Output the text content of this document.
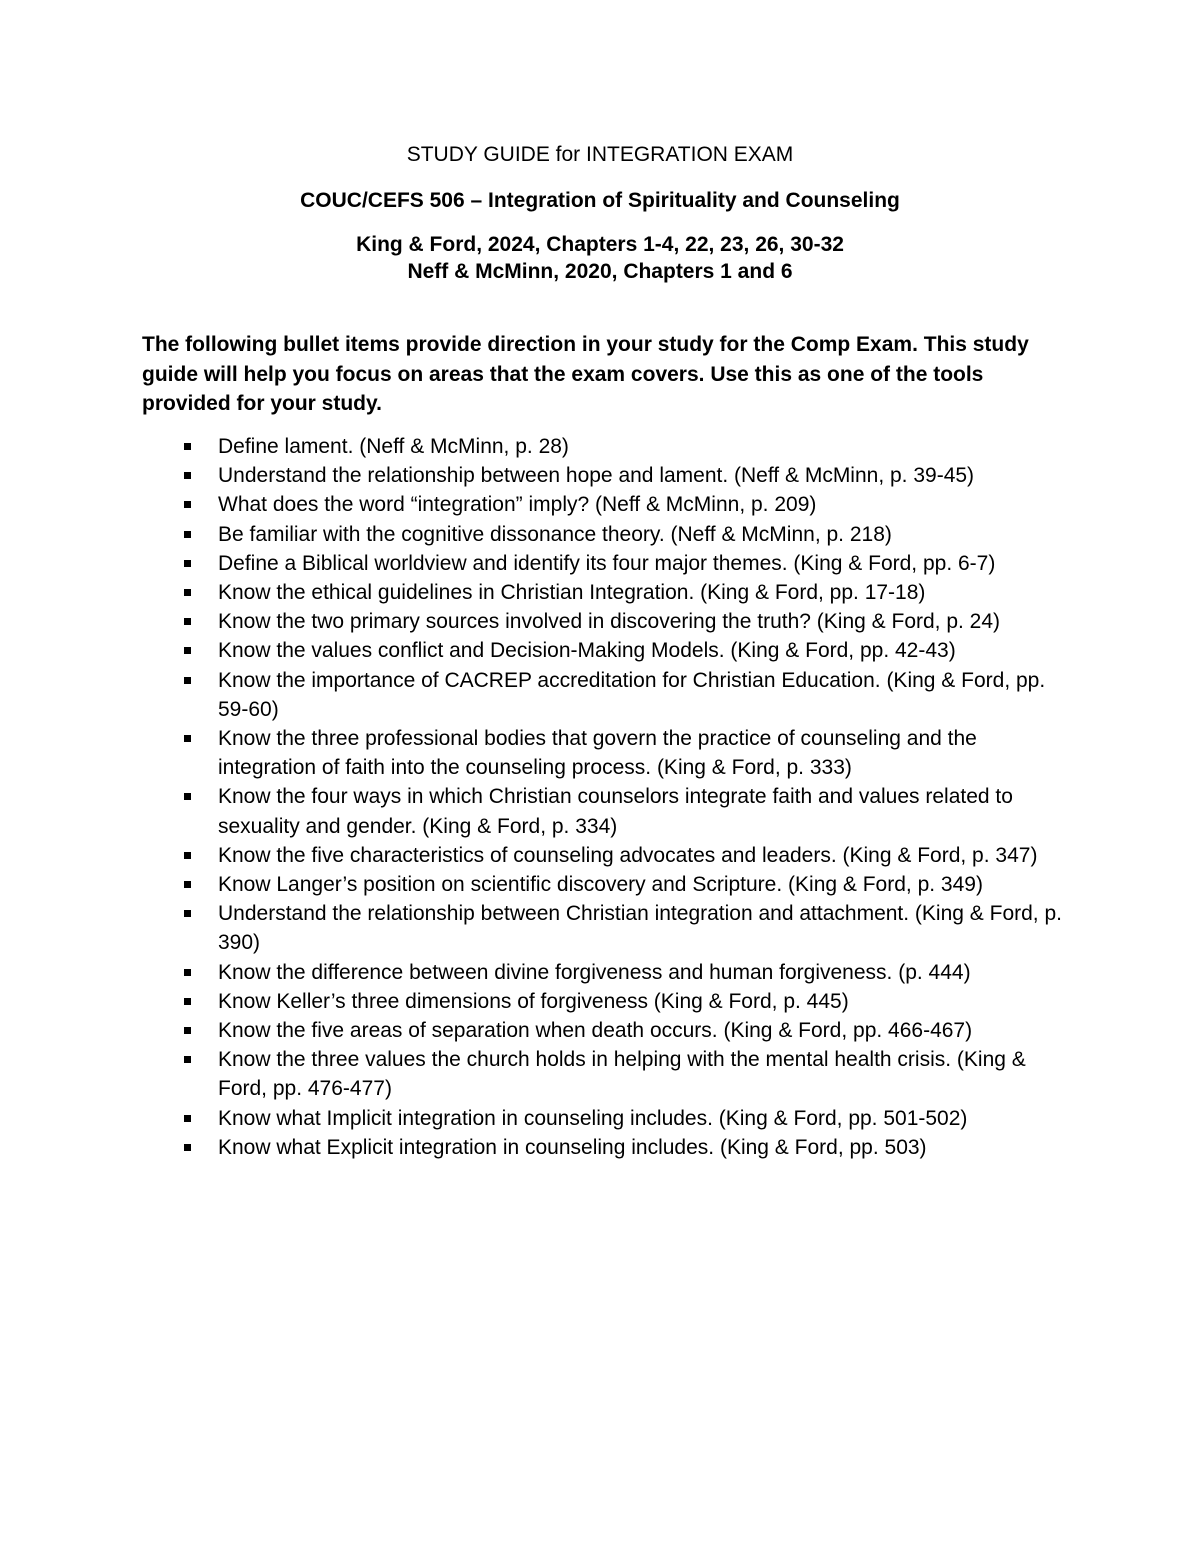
STUDY GUIDE for INTEGRATION EXAM
COUC/CEFS 506 – Integration of Spirituality and Counseling
King & Ford, 2024, Chapters 1-4, 22, 23, 26, 30-32
Neff & McMinn, 2020, Chapters 1 and 6
The following bullet items provide direction in your study for the Comp Exam. This study guide will help you focus on areas that the exam covers. Use this as one of the tools provided for your study.
Define lament. (Neff & McMinn, p. 28)
Understand the relationship between hope and lament. (Neff & McMinn, p. 39-45)
What does the word “integration” imply? (Neff & McMinn, p. 209)
Be familiar with the cognitive dissonance theory. (Neff & McMinn, p. 218)
Define a Biblical worldview and identify its four major themes. (King & Ford, pp. 6-7)
Know the ethical guidelines in Christian Integration. (King & Ford, pp. 17-18)
Know the two primary sources involved in discovering the truth? (King & Ford, p. 24)
Know the values conflict and Decision-Making Models. (King & Ford, pp. 42-43)
Know the importance of CACREP accreditation for Christian Education. (King & Ford, pp. 59-60)
Know the three professional bodies that govern the practice of counseling and the integration of faith into the counseling process. (King & Ford, p. 333)
Know the four ways in which Christian counselors integrate faith and values related to sexuality and gender. (King & Ford, p. 334)
Know the five characteristics of counseling advocates and leaders. (King & Ford, p. 347)
Know Langer’s position on scientific discovery and Scripture. (King & Ford, p. 349)
Understand the relationship between Christian integration and attachment. (King & Ford, p. 390)
Know the difference between divine forgiveness and human forgiveness. (p. 444)
Know Keller’s three dimensions of forgiveness (King & Ford, p. 445)
Know the five areas of separation when death occurs. (King & Ford, pp. 466-467)
Know the three values the church holds in helping with the mental health crisis. (King & Ford, pp. 476-477)
Know what Implicit integration in counseling includes. (King & Ford, pp. 501-502)
Know what Explicit integration in counseling includes. (King & Ford, pp. 503)
